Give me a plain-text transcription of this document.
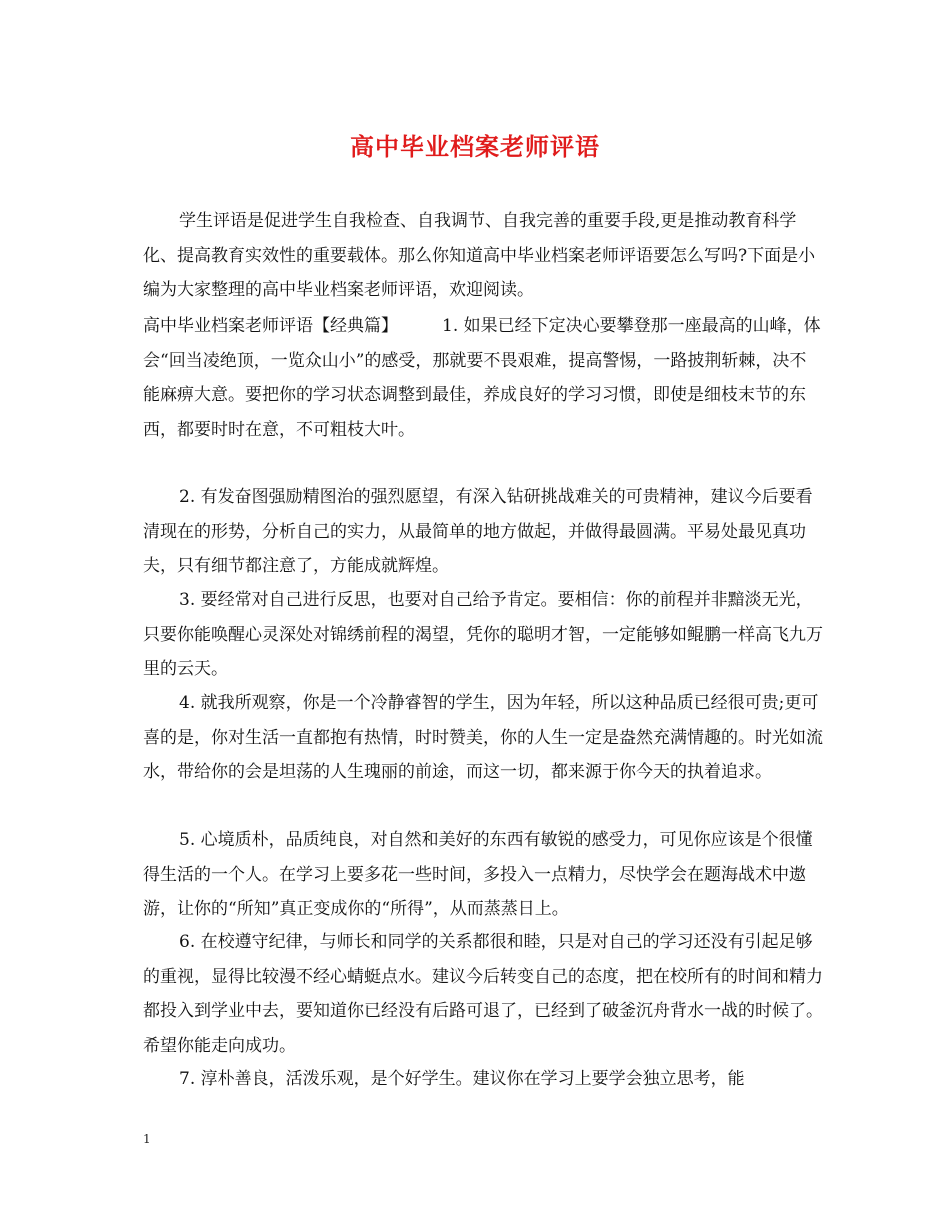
高中毕业档案老师评语
学生评语是促进学生自我检查、自我调节、自我完善的重要手段,更是推动教育科学化、提高教育实效性的重要载体。那么你知道高中毕业档案老师评语要怎么写吗?下面是小编为大家整理的高中毕业档案老师评语，欢迎阅读。
高中毕业档案老师评语【经典篇】	1. 如果已经下定决心要攀登那一座最高的山峰，体会“回当凌绝顶，一览众山小”的感受，那就要不畏艰难，提高警惕，一路披荆斩棘，决不能麻痹大意。要把你的学习状态调整到最佳，养成良好的学习习惯，即使是细枝末节的东西，都要时时在意，不可粗枝大叶。
2. 有发奋图强励精图治的强烈愿望，有深入钻研挑战难关的可贵精神，建议今后要看清现在的形势，分析自己的实力，从最简单的地方做起，并做得最圆满。平易处最见真功夫，只有细节都注意了，方能成就辉煌。
3. 要经常对自己进行反思，也要对自己给予肯定。要相信：你的前程并非黯淡无光，只要你能唤醒心灵深处对锦绣前程的渴望，凭你的聪明才智，一定能够如鲲鹏一样高飞九万里的云天。
4. 就我所观察，你是一个冷静睿智的学生，因为年轻，所以这种品质已经很可贵;更可喜的是，你对生活一直都抱有热情，时时赞美，你的人生一定是盎然充满情趣的。时光如流水，带给你的会是坦荡的人生瑰丽的前途，而这一切，都来源于你今天的执着追求。
5. 心境质朴，品质纯良，对自然和美好的东西有敏锐的感受力，可见你应该是个很懂得生活的一个人。在学习上要多花一些时间，多投入一点精力，尽快学会在题海战术中遨游，让你的“所知”真正变成你的“所得”，从而蒸蒸日上。
6. 在校遵守纪律，与师长和同学的关系都很和睦，只是对自己的学习还没有引起足够的重视，显得比较漫不经心蜻蜓点水。建议今后转变自己的态度，把在校所有的时间和精力都投入到学业中去，要知道你已经没有后路可退了，已经到了破釜沉舟背水一战的时候了。希望你能走向成功。
7. 淳朴善良，活泼乐观，是个好学生。建议你在学习上要学会独立思考，能
1
